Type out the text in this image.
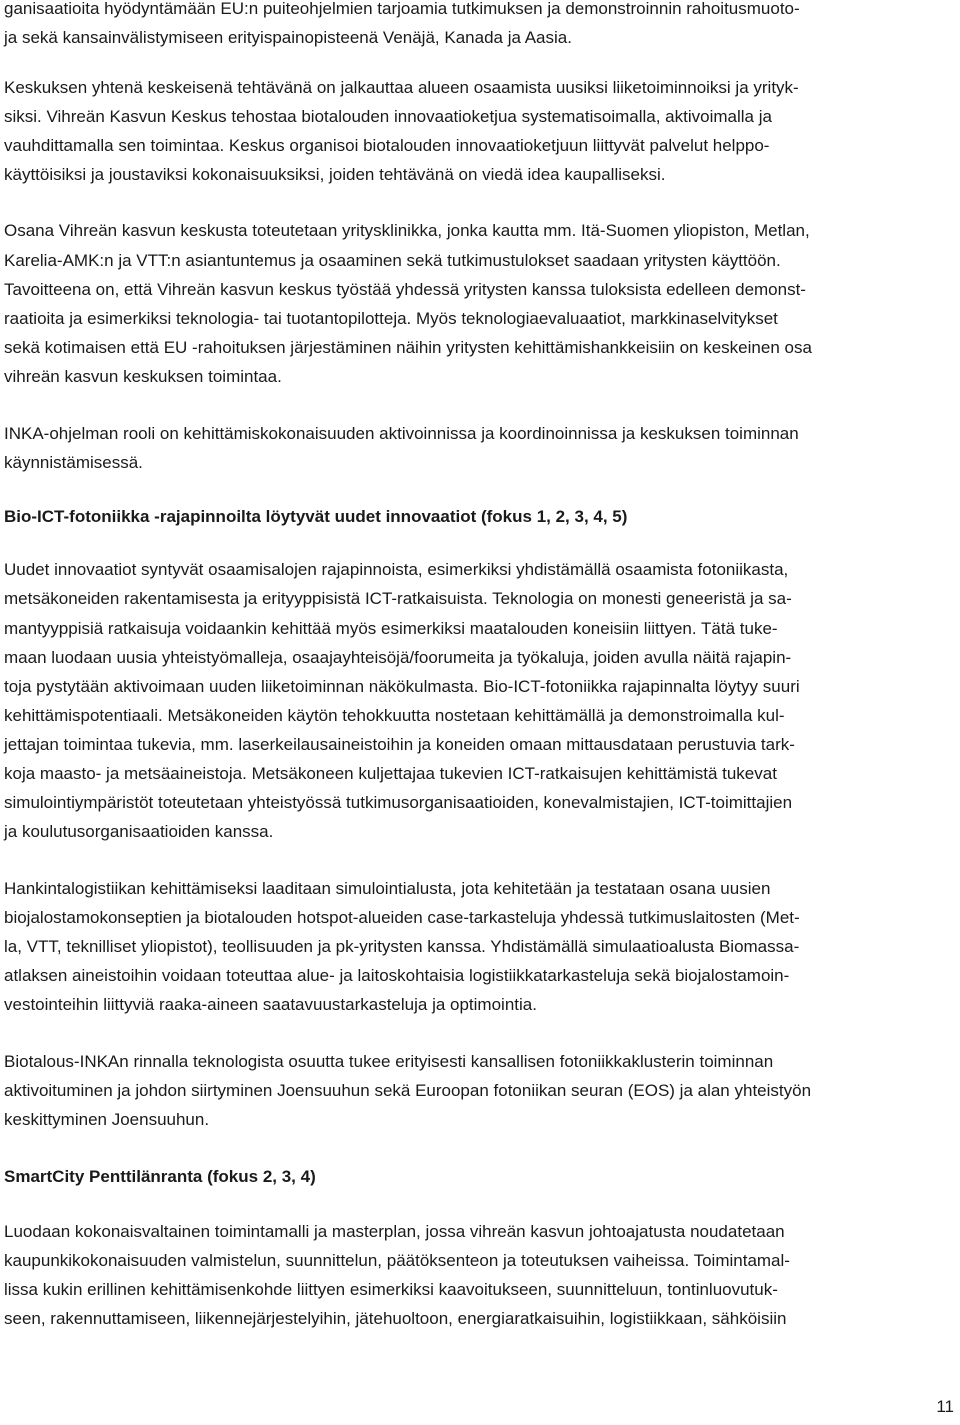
ganisaatioita hyödyntämään EU:n puiteohjelmien tarjoamia tutkimuksen ja demonstroinnin rahoitusmuoto-
ja sekä kansainvälistymiseen erityispainopisteenä Venäjä, Kanada ja Aasia.
Keskuksen yhtenä keskeisenä tehtävänä on jalkauttaa alueen osaamista uusiksi liiketoiminnoiksi ja yrityk-
siksi. Vihreän Kasvun Keskus tehostaa biotalouden innovaatioketjua systematisoimalla, aktivoimalla ja
vauhdittamalla sen toimintaa. Keskus organisoi biotalouden innovaatioketjuun liittyvät palvelut helppo-
käyttöisiksi ja joustaviksi kokonaisuuksiksi, joiden tehtävänä on viedä idea kaupalliseksi.
Osana Vihreän kasvun keskusta toteutetaan yritysklinikka, jonka kautta mm. Itä-Suomen yliopiston, Metlan,
Karelia-AMK:n ja VTT:n asiantuntemus ja osaaminen sekä tutkimustulokset saadaan yritysten käyttöön.
Tavoitteena on, että Vihreän kasvun keskus työstää yhdessä yritysten kanssa tuloksista edelleen demonst-
raatioita ja esimerkiksi teknologia- tai tuotantopilotteja. Myös teknologiaevaluaatiot, markkinaselvitykset
sekä kotimaisen että EU -rahoituksen järjestäminen näihin yritysten kehittämishankkeisiin on keskeinen osa
vihreän kasvun keskuksen toimintaa.
INKA-ohjelman rooli on kehittämiskokonaisuuden aktivoinnissa ja koordinoinnissa ja keskuksen toiminnan
käynnistämisessä.
Bio-ICT-fotoniikka -rajapinnoilta löytyvät uudet innovaatiot (fokus 1, 2, 3, 4, 5)
Uudet innovaatiot syntyvät osaamisalojen rajapinnoista, esimerkiksi yhdistämällä osaamista fotoniikasta,
metsäkoneiden rakentamisesta ja erityyppisistä ICT-ratkaisuista. Teknologia on monesti geneeristä ja sa-
mantyyppisiä ratkaisuja voidaankin kehittää myös esimerkiksi maatalouden koneisiin liittyen. Tätä tuke-
maan luodaan uusia yhteistyömalleja, osaajayhteisöjä/foorumeita ja työkaluja, joiden avulla näitä rajapin-
toja pystytään aktivoimaan uuden liiketoiminnan näkökulmasta. Bio-ICT-fotoniikka rajapinnalta löytyy suuri
kehittämispotentiaali. Metsäkoneiden käytön tehokkuutta nostetaan kehittämällä ja demonstroimalla kul-
jettajan toimintaa tukevia, mm. laserkeilausaineistoihin ja koneiden omaan mittausdataan perustuvia tark-
koja maasto- ja metsäaineistoja. Metsäkoneen kuljettajaa tukevien ICT-ratkaisujen kehittämistä tukevat
simulointiympäristöt toteutetaan yhteistyössä tutkimusorganisaatioiden, konevalmistajien, ICT-toimittajien
ja koulutusorganisaatioiden kanssa.
Hankintalogistiikan kehittämiseksi laaditaan simulointialusta, jota kehitetään ja testataan osana uusien
biojalostamokonseptien ja biotalouden hotspot-alueiden case-tarkasteluja yhdessä tutkimuslaitosten (Met-
la, VTT, teknilliset yliopistot), teollisuuden ja pk-yritysten kanssa. Yhdistämällä simulaatioalusta Biomassa-
atlaksen aineistoihin voidaan toteuttaa alue- ja laitoskohtaisia logistiikkatarkasteluja sekä biojalostamoin-
vestointeihin liittyviä raaka-aineen saatavuustarkasteluja ja optimointia.
Biotalous-INKAn rinnalla teknologista osuutta tukee erityisesti kansallisen fotoniikkaklusterin toiminnan
aktivoituminen ja johdon siirtyminen Joensuuhun sekä Euroopan fotoniikan seuran (EOS) ja alan yhteistyön
keskittyminen Joensuuhun.
SmartCity Penttilänranta (fokus 2, 3, 4)
Luodaan kokonaisvaltainen toimintamalli ja masterplan, jossa vihreän kasvun johtoajatusta noudatetaan
kaupunkikokonaisuuden valmistelun, suunnittelun, päätöksenteon ja toteutuksen vaiheissa. Toimintamal-
lissa kukin erillinen kehittämisenkohde liittyen esimerkiksi kaavoitukseen, suunnitteluun, tontinluovutuk-
seen, rakennuttamiseen, liikennejärjestelyihin, jätehuoltoon, energiaratkaisuihin, logistiikkaan, sähköisiin
11
